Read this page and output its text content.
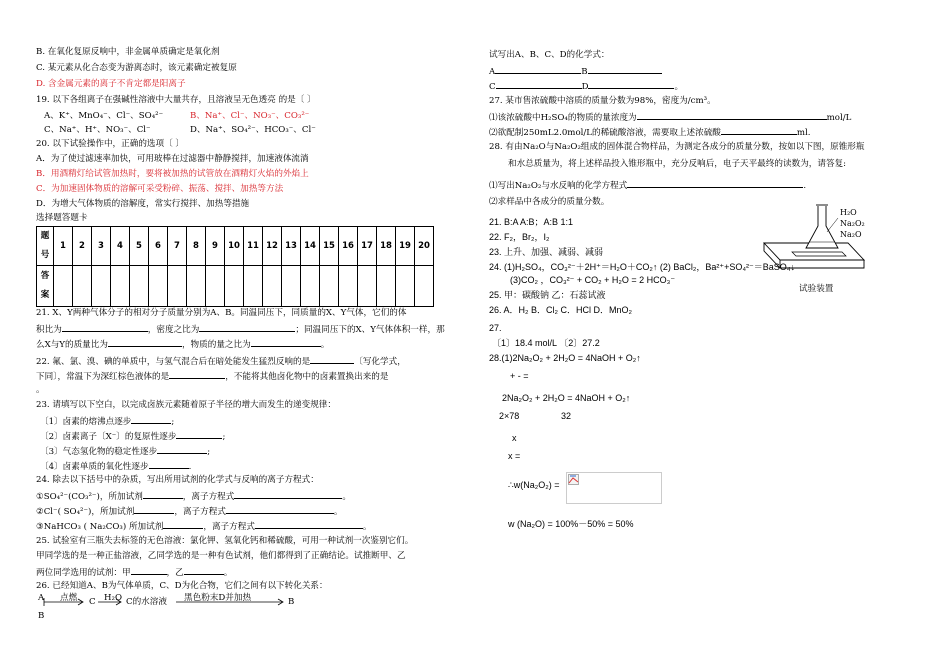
B. 在氧化复原反响中，非金属单质确定是氧化剂
C. 某元素从化合态变为游离态时，该元素确定被复原
D. 含金属元素的离子不肯定都是阳离子
19. 以下各组离子在强碱性溶液中大量共存，且溶液呈无色透亮 的是〔 〕
A、K⁺、MnO₄⁻、Cl⁻、SO₄²⁻	B、Na⁺、Cl⁻、NO₃⁻、CO₃²⁻
C、Na⁺、H⁺、NO₃⁻、Cl⁻	D、Na⁺、SO₄²⁻、HCO₃⁻、Cl⁻
20. 以下试验操作中，正确的选项〔 〕
A．为了使过滤速率加快，可用玻棒在过滤器中静静搅拌，加速液体流淌
B．用酒精灯给试管加热时，要将被加热的试管放在酒精灯火焰的外焰上
C．为加速固体物质的溶解可采受粉碎、振荡、搅拌、加热等方法
D．为增大气体物质的溶解度，常实行搅拌、加热等措施
选择题答题卡
题号	1	2	3	4	5	6	7	8	9	10	11	12	13	14	15	16	17	18	19	20

答案																				

21. X、Y两种气体分子的相对分子质量分别为A、B。同温同压下，同质量的X、Y气体，它们的体
积比为	，密度之比为	；同温同压下的X、Y气体体积一样，那
么X与Y的质量比为	，物质的量之比为	。
22. 氟、氯、溴、碘的单质中，与氢气混合后在暗处能发生猛烈反响的是	〔写化学式，
下同〕，常温下为深红棕色液体的是	，不能将其他卤化物中的卤素置换出来的是
。
23. 请填写以下空白，以完成卤族元素随着原子半径的增大而发生的递变规律：
〔1〕卤素的熔沸点逐步	;
〔2〕卤素离子〔X⁻〕的复原性逐步	;
〔3〕气态氢化物的稳定性逐步	;
〔4〕卤素单质的氧化性逐步	.
24. 除去以下括号中的杂质，写出所用试剂的化学式与反响的离子方程式：
①SO₄²⁻(CO₃²⁻)，所加试剂	，离子方程式	。
②Cl⁻( SO₄²⁻)，所加试剂	，离子方程式	。
③NaHCO₃ ( Na₂CO₃) 所加试剂	，离子方程式	。
25. 试验室有三瓶失去标签的无色溶液：氯化钾、氢氧化钙和稀硫酸，可用一种试剂一次鉴别它们。
甲同学选的是一种正盐溶液，乙同学选的是一种有色试剂，他们都得到了正确结论。试推断甲、乙
两位同学选用的试剂：甲	，乙	。
26. 已经知道A、B为气体单质，C、D为化合物，它们之间有以下转化关系：
A 点燃	H₂O	黑色粉末D并加热
C	C的水溶液	B
B
试写出A、B、C、D的化学式：
A	B
C	D	。
27. 某市售浓硫酸中溶质的质量分数为98%，密度为/cm³。
⑴该浓硫酸中H₂SO₄的物质的量浓度为	mol/L
⑵欲配制250mL2.0mol/L的稀硫酸溶液，需要取上述浓硫酸	ml.
28. 有由Na₂O与Na₂O₂组成的固体混合物样品，为测定各成分的质量分数，按如以下图，原锥形瓶
和水总质量为，将上述样品投入锥形瓶中，充分反响后，电子天平最终的读数为，请答复:
⑴写出Na₂O₂与水反响的化学方程式	.
⑵求样品中各成分的质量分数。
H₂O
Na₂O₂
Na₂O
试验装置
21. B:A A:B；A:B 1:1
22. F₂，Br₂，I₂
23. 上升、加强、减弱、减弱
24. (1)H₂SO₄，CO₃²⁻＋2H⁺＝H₂O＋CO₂↑ (2) BaCl₂，Ba²⁺+SO₄²⁻＝BaSO₄↓
(3)CO₂ ，CO₃²⁻ + CO₂ + H₂O = 2 HCO₃⁻
25. 甲：碳酸钠 乙：石蕊试液
26. A．H₂ B．Cl₂ C．HCl D．MnO₂
27.
〔1〕18.4 mol/L 〔2〕27.2
28.(1)2Na₂O₂ + 2H₂O = 4NaOH + O₂↑
+ - =
2Na₂O₂ + 2H₂O = 4NaOH + O₂↑
2×78	32
x
x =
∴w(Na₂O₂) =
w (Na₂O) = 100%－50% = 50%
